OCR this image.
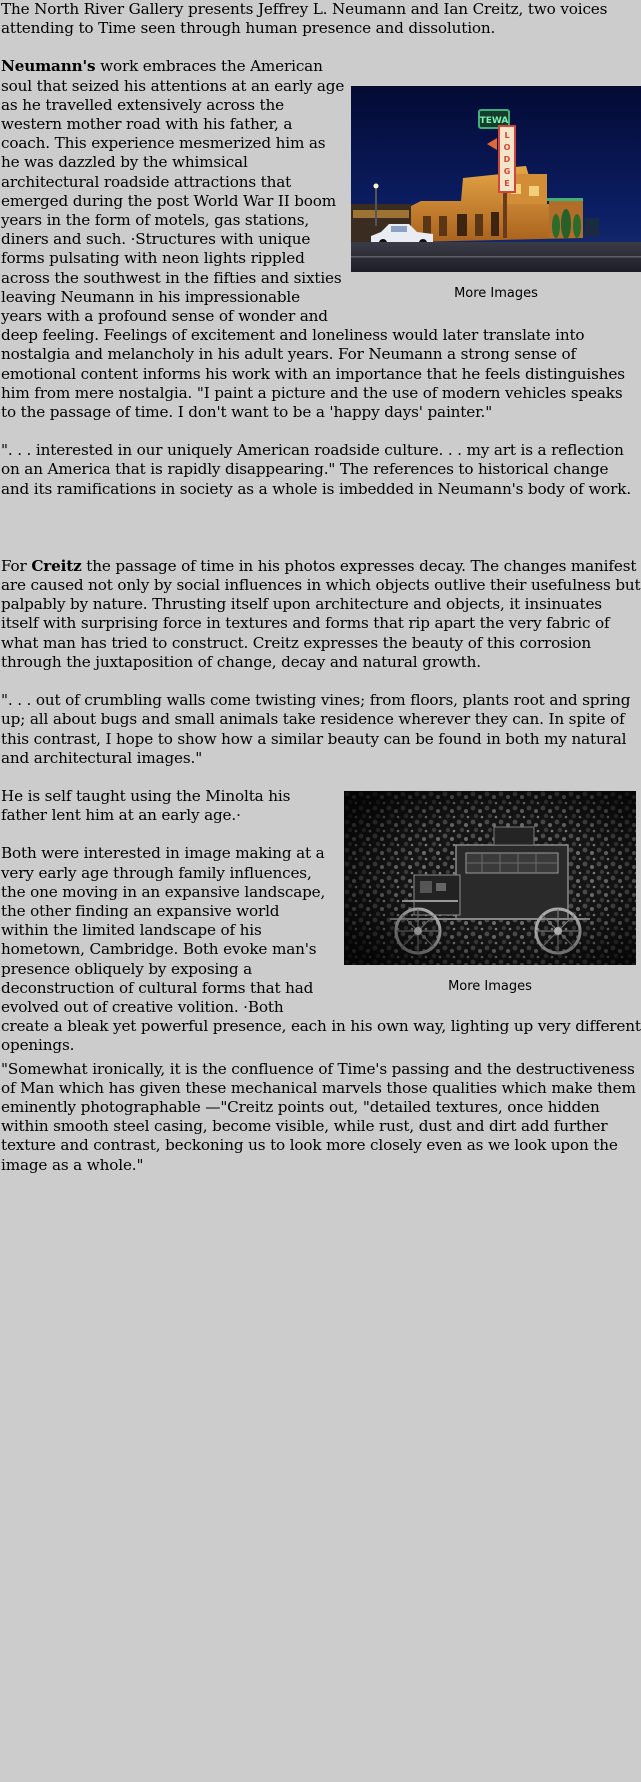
The North River Gallery presents Jeffrey L. Neumann and Ian Creitz, two voices attending to Time seen through human presence and dissolution.

TEWA
L
O
D
G
E
More Images

Neumann's work embraces the American soul that seized his attentions at an early age as he travelled extensively across the western mother road with his father, a coach. This experience mesmerized him as he was dazzled by the whimsical architectural roadside attractions that emerged during the post World War II boom years in the form of motels, gas stations, diners and such. ·Structures with unique forms pulsating with neon lights rippled across the southwest in the fifties and sixties leaving Neumann in his impressionable years with a profound sense of wonder and deep feeling. Feelings of excitement and loneliness would later translate into nostalgia and melancholy in his adult years. For Neumann a strong sense of emotional content informs his work with an importance that he feels distinguishes him from mere nostalgia. "I paint a picture and the use of modern vehicles speaks to the passage of time. I don't want to be a 'happy days' painter."

". . . interested in our uniquely American roadside culture. . . my art is a reflection on an America that is rapidly disappearing." The references to historical change and its ramifications in society as a whole is imbedded in Neumann's body of work.

For Creitz the passage of time in his photos expresses decay. The changes manifest are caused not only by social influences in which objects outlive their usefulness but palpably by nature. Thrusting itself upon architecture and objects, it insinuates itself with surprising force in textures and forms that rip apart the very fabric of what man has tried to construct. Creitz expresses the beauty of this corrosion through the juxtaposition of change, decay and natural growth.

". . . out of crumbling walls come twisting vines; from floors, plants root and spring up; all about bugs and small animals take residence wherever they can. In spite of this contrast, I hope to show how a similar beauty can be found in both my natural and architectural images."

More Images

He is self taught using the Minolta his father lent him at an early age.·

Both were interested in image making at a very early age through family influences, the one moving in an expansive landscape, the other finding an expansive world within the limited landscape of his hometown, Cambridge. Both evoke man's presence obliquely by exposing a deconstruction of cultural forms that had evolved out of creative volition. ·Both create a bleak yet powerful presence, each in his own way, lighting up very different openings.

"Somewhat ironically, it is the confluence of Time's passing and the destructiveness of Man which has given these mechanical marvels those qualities which make them eminently photographable —"Creitz points out, "detailed textures, once hidden within smooth steel casing, become visible, while rust, dust and dirt add further texture and contrast, beckoning us to look more closely even as we look upon the image as a whole."
